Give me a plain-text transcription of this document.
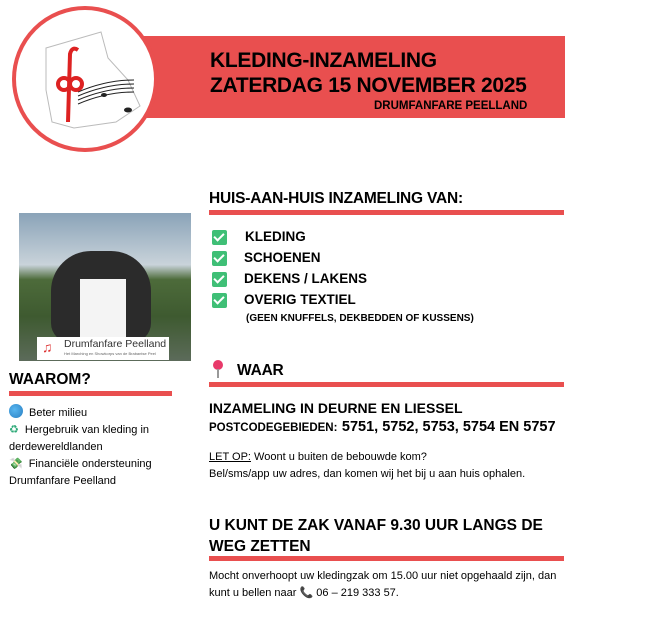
KLEDING-INZAMELING
ZATERDAG 15 NOVEMBER 2025
DRUMFANFARE PEELLAND
♫ Drumfanfare Peelland
Het Marching en Showkorps van de Brabantse Peel
HUIS-AAN-HUIS INZAMELING VAN:
KLEDING
SCHOENEN
DEKENS / LAKENS
OVERIG TEXTIEL
(GEEN KNUFFELS, DEKBEDDEN OF KUSSENS)
WAAROM?
Beter milieu
♻ Hergebruik van kleding in derdewereldlanden
💸 Financiële ondersteuning Drumfanfare Peelland
WAAR
INZAMELING IN DEURNE EN LIESSEL
POSTCODEGEBIEDEN: 5751, 5752, 5753, 5754 EN 5757
LET OP: Woont u buiten de bebouwde kom?
Bel/sms/app uw adres, dan komen wij het bij u aan huis ophalen.
U KUNT DE ZAK VANAF 9.30 UUR LANGS DE WEG ZETTEN
Mocht onverhoopt uw kledingzak om 15.00 uur niet opgehaald zijn, dan
kunt u bellen naar 📞 06 – 219 333 57.
